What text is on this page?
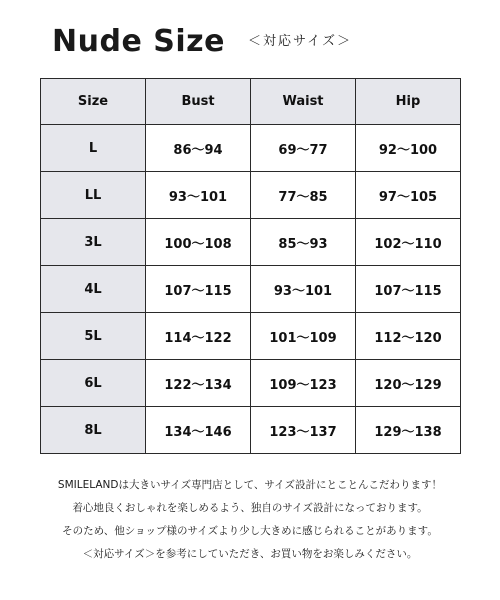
Nude Size ＜対応サイズ＞
Size	Bust	Waist	Hip
L	86〜94	69〜77	92〜100
LL	93〜101	77〜85	97〜105
3L	100〜108	85〜93	102〜110
4L	107〜115	93〜101	107〜115
5L	114〜122	101〜109	112〜120
6L	122〜134	109〜123	120〜129
8L	134〜146	123〜137	129〜138

SMILELANDは大きいサイズ専門店として、サイズ設計にとことんこだわります！

着心地良くおしゃれを楽しめるよう、独自のサイズ設計になっております。

そのため、他ショップ様のサイズより少し大きめに感じられることがあります。

＜対応サイズ＞を参考にしていただき、お買い物をお楽しみください。
